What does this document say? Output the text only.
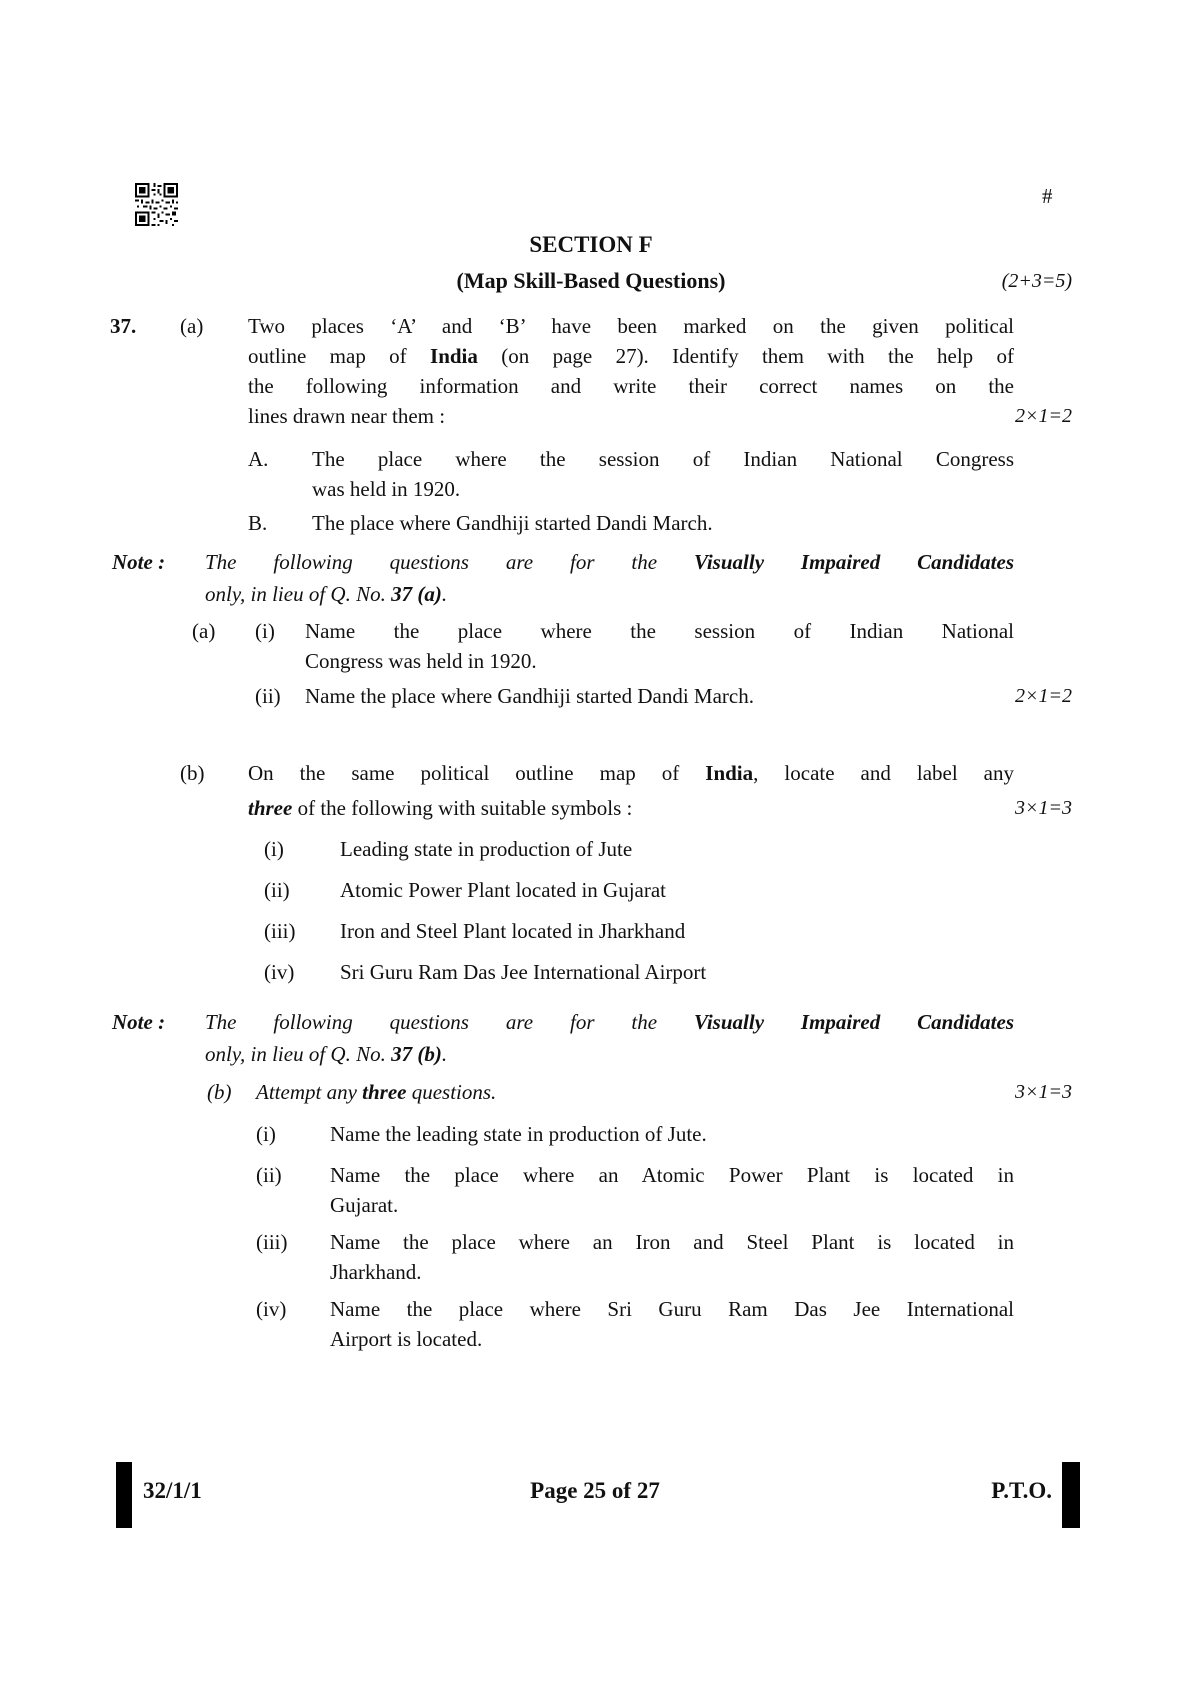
#
SECTION F
(Map Skill-Based Questions)	(2+3=5)
37.	(a)	Two places ‘A’ and ‘B’ have been marked on the given political
outline map of India (on page 27). Identify them with the help of
the following information and write their correct names on the
lines drawn near them :	2×1=2
A.	The place where the session of Indian National Congress
was held in 1920.
B.	The place where Gandhiji started Dandi March.
Note :	The following questions are for the Visually Impaired Candidates
only, in lieu of Q. No. 37 (a).
(a)	(i)	Name the place where the session of Indian National
Congress was held in 1920.
(ii)	Name the place where Gandhiji started Dandi March.	2×1=2
(b)	On the same political outline map of India, locate and label any
three of the following with suitable symbols :	3×1=3
(i)	Leading state in production of Jute
(ii)	Atomic Power Plant located in Gujarat
(iii)	Iron and Steel Plant located in Jharkhand
(iv)	Sri Guru Ram Das Jee International Airport
Note :	The following questions are for the Visually Impaired Candidates
only, in lieu of Q. No. 37 (b).
(b)	Attempt any three questions.	3×1=3
(i)	Name the leading state in production of Jute.
(ii)	Name the place where an Atomic Power Plant is located in
Gujarat.
(iii)	Name the place where an Iron and Steel Plant is located in
Jharkhand.
(iv)	Name the place where Sri Guru Ram Das Jee International
Airport is located.
Page 25 of 27
32/1/1	P.T.O.
